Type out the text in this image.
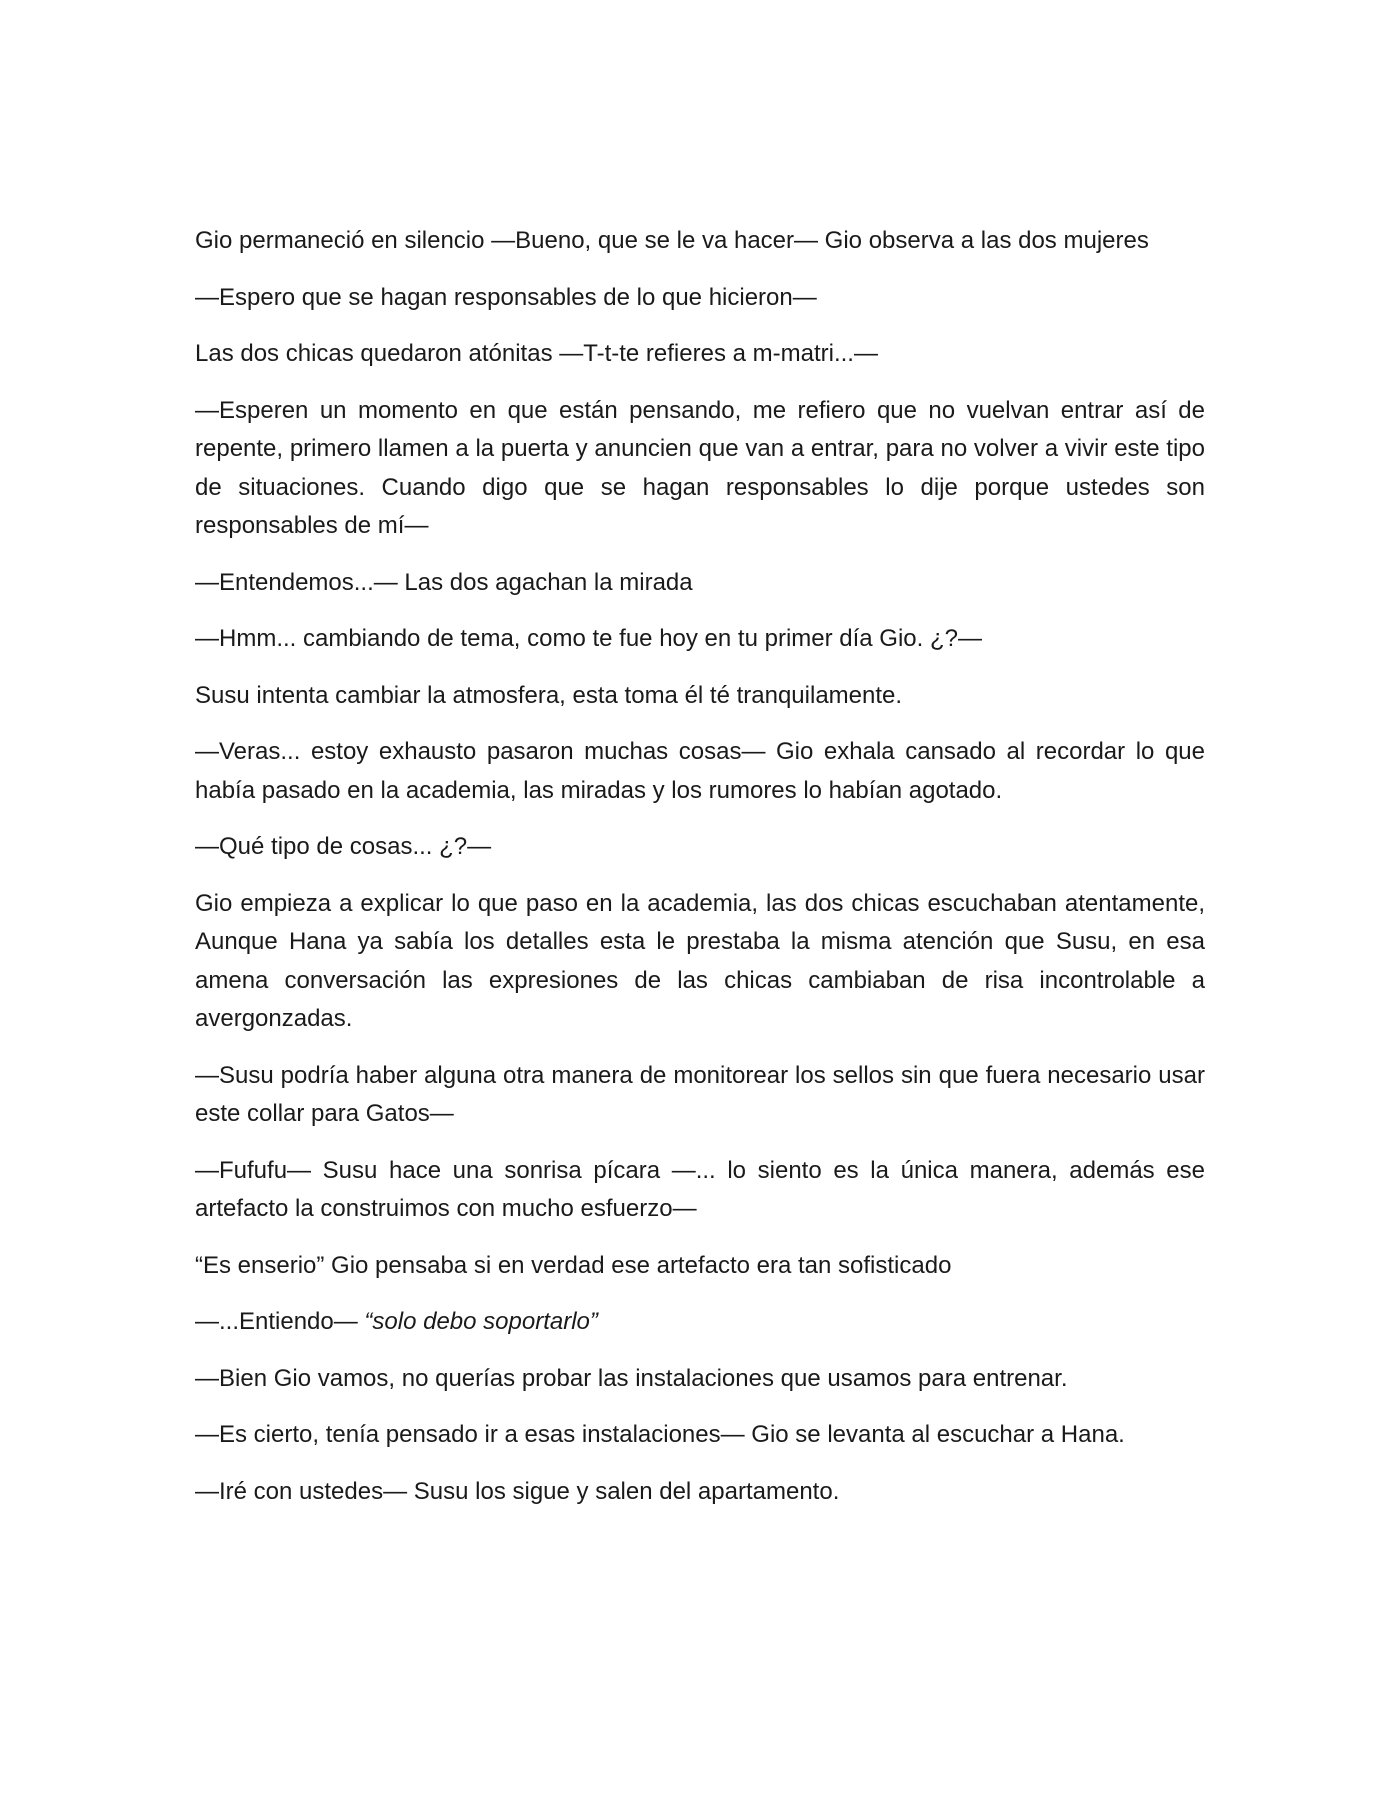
Gio permaneció en silencio —Bueno, que se le va hacer— Gio observa a las dos mujeres

—Espero que se hagan responsables de lo que hicieron—

Las dos chicas quedaron atónitas —T-t-te refieres a m-matri...—

—Esperen un momento en que están pensando, me refiero que no vuelvan entrar así de repente, primero llamen a la puerta y anuncien que van a entrar, para no volver a vivir este tipo de situaciones. Cuando digo que se hagan responsables lo dije porque ustedes son responsables de mí—

—Entendemos...— Las dos agachan la mirada

—Hmm... cambiando de tema, como te fue hoy en tu primer día Gio. ¿?—

Susu intenta cambiar la atmosfera, esta toma él té tranquilamente.

—Veras... estoy exhausto pasaron muchas cosas— Gio exhala cansado al recordar lo que había pasado en la academia, las miradas y los rumores lo habían agotado.

—Qué tipo de cosas... ¿?—

Gio empieza a explicar lo que paso en la academia, las dos chicas escuchaban atentamente, Aunque Hana ya sabía los detalles esta le prestaba la misma atención que Susu, en esa amena conversación las expresiones de las chicas cambiaban de risa incontrolable a avergonzadas.

—Susu podría haber alguna otra manera de monitorear los sellos sin que fuera necesario usar este collar para Gatos—

—Fufufu— Susu hace una sonrisa pícara —... lo siento es la única manera, además ese artefacto la construimos con mucho esfuerzo—

“Es enserio” Gio pensaba si en verdad ese artefacto era tan sofisticado

—...Entiendo— “solo debo soportarlo”

—Bien Gio vamos, no querías probar las instalaciones que usamos para entrenar.

—Es cierto, tenía pensado ir a esas instalaciones— Gio se levanta al escuchar a Hana.

—Iré con ustedes— Susu los sigue y salen del apartamento.
